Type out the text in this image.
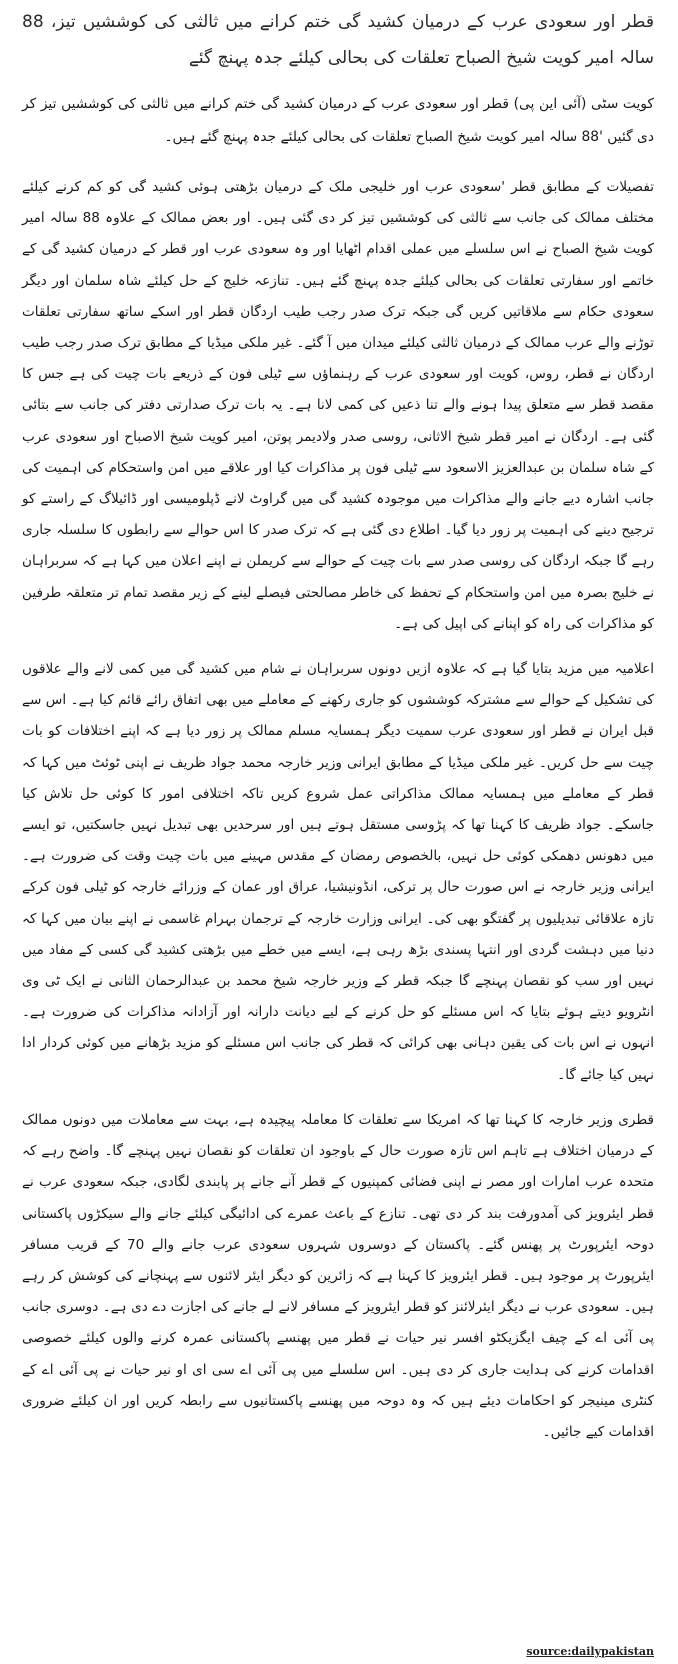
قطر اور سعودی عرب کے درمیان کشید گی ختم کرانے میں ثالثی کی کوششیں تیز، 88 سالہ امیر کویت شیخ الصباح تعلقات کی بحالی کیلئے جدہ پہنچ گئے

کویت سٹی (آئی این پی) قطر اور سعودی عرب کے درمیان کشید گی ختم کرانے میں ثالثی کی کوششیں تیز کر دی گئیں '88 سالہ امیر کویت شیخ الصباح تعلقات کی بحالی کیلئے جدہ پہنچ گئے ہیں۔

تفصیلات کے مطابق قطر 'سعودی عرب اور خلیجی ملک کے درمیان بڑھتی ہوئی کشید گی کو کم کرنے کیلئے مختلف ممالک کی جانب سے ثالثی کی کوششیں تیز کر دی گئی ہیں۔ اور بعض ممالک کے علاوہ 88 سالہ امیر کویت شیخ الصباح نے اس سلسلے میں عملی اقدام اٹھایا اور وہ سعودی عرب اور قطر کے درمیان کشید گی کے خاتمے اور سفارتی تعلقات کی بحالی کیلئے جدہ پہنچ گئے ہیں۔ تنازعہ خلیج کے حل کیلئے شاہ سلمان اور دیگر سعودی حکام سے ملاقاتیں کریں گی جبکہ ترک صدر رجب طیب اردگان قطر اور اسکے ساتھ سفارتی تعلقات توڑنے والے عرب ممالک کے درمیان ثالثی کیلئے میدان میں آ گئے۔ غیر ملکی میڈیا کے مطابق ترک صدر رجب طیب اردگان نے قطر، روس، کویت اور سعودی عرب کے رہنماؤں سے ٹیلی فون کے ذریعے بات چیت کی ہے جس کا مقصد قطر سے متعلق پیدا ہونے والے تنا ذعیں کی کمی لانا ہے۔ یہ بات ترک صدارتی دفتر کی جانب سے بتائی گئی ہے۔ اردگان نے امیر قطر شیخ الاثانی، روسی صدر ولادیمر پوتن، امیر کویت شیخ الاصباح اور سعودی عرب کے شاہ سلمان بن عبدالعزیز الاسعود سے ٹیلی فون پر مذاکرات کیا اور علاقے میں امن واستحکام کی اہمیت کی جانب اشارہ دیے جانے والے مذاکرات میں موجودہ کشید گی میں گراوٹ لانے ڈپلومیسی اور ڈائیلاگ کے راستے کو ترجیح دینے کی اہمیت پر زور دیا گیا۔ اطلاع دی گئی ہے کہ ترک صدر کا اس حوالے سے رابطوں کا سلسلہ جاری رہے گا جبکہ اردگان کی روسی صدر سے بات چیت کے حوالے سے کریملن نے اپنے اعلان میں کہا ہے کہ سربراہان نے خلیج بصرہ میں امن واستحکام کے تحفظ کی خاطر مصالحتی فیصلے لینے کے زیر مقصد تمام تر متعلقہ طرفین کو مذاکرات کی راہ کو اپنانے کی اپیل کی ہے۔

اعلامیہ میں مزید بتایا گیا ہے کہ علاوہ ازیں دونوں سربراہان نے شام میں کشید گی میں کمی لانے والے علاقوں کی تشکیل کے حوالے سے مشترکہ کوششوں کو جاری رکھنے کے معاملے میں بھی اتفاق رائے قائم کیا ہے۔ اس سے قبل ایران نے قطر اور سعودی عرب سمیت دیگر ہمسایہ مسلم ممالک پر زور دیا ہے کہ اپنے اختلافات کو بات چیت سے حل کریں۔ غیر ملکی میڈیا کے مطابق ایرانی وزیر خارجہ محمد جواد ظریف نے اپنی ٹوئٹ میں کہا کہ قطر کے معاملے میں ہمسایہ ممالک مذاکراتی عمل شروع کریں تاکہ اختلافی امور کا کوئی حل تلاش کیا جاسکے۔ جواد ظریف کا کہنا تھا کہ پڑوسی مستقل ہوتے ہیں اور سرحدیں بھی تبدیل نہیں جاسکتیں، تو ایسے میں دھونس دھمکی کوئی حل نہیں، بالخصوص رمضان کے مقدس مہینے میں بات چیت وقت کی ضرورت ہے۔ ایرانی وزیر خارجہ نے اس صورت حال پر ترکی، انڈونیشیا، عراق اور عمان کے وزرائے خارجہ کو ٹیلی فون کرکے تازہ علاقائی تبدیلیوں پر گفتگو بھی کی۔ ایرانی وزارت خارجہ کے ترجمان بہرام غاسمی نے اپنے بیان میں کہا کہ دنیا میں دہشت گردی اور انتہا پسندی بڑھ رہی ہے، ایسے میں خطے میں بڑھتی کشید گی کسی کے مفاد میں نہیں اور سب کو نقصان پہنچے گا جبکہ قطر کے وزیر خارجہ شیخ محمد بن عبدالرحمان الثانی نے ایک ٹی وی انٹرویو دیتے ہوئے بتایا کہ اس مسئلے کو حل کرنے کے لیے دیانت دارانہ اور آزادانہ مذاکرات کی ضرورت ہے۔ انہوں نے اس بات کی یقین دہانی بھی کرائی کہ قطر کی جانب اس مسئلے کو مزید بڑھانے میں کوئی کردار ادا نہیں کیا جائے گا۔

قطری وزیر خارجہ کا کہنا تھا کہ امریکا سے تعلقات کا معاملہ پیچیدہ ہے، بہت سے معاملات میں دونوں ممالک کے درمیان اختلاف ہے تاہم اس تازہ صورت حال کے باوجود ان تعلقات کو نقصان نہیں پہنچے گا۔ واضح رہے کہ متحدہ عرب امارات اور مصر نے اپنی فضائی کمپنیوں کے قطر آنے جانے پر پابندی لگادی، جبکہ سعودی عرب نے قطر ایئرویز کی آمدورفت بند کر دی تھی۔ تنازع کے باعث عمرے کی ادائیگی کیلئے جانے والے سیکڑوں پاکستانی دوحہ ایئرپورٹ پر پھنس گئے۔ پاکستان کے دوسروں شہروں سعودی عرب جانے والے 70 کے قریب مسافر ایئرپورٹ پر موجود ہیں۔ قطر ایئرویز کا کہنا ہے کہ زائرین کو دیگر ایئر لائنوں سے پہنچانے کی کوشش کر رہے ہیں۔ سعودی عرب نے دیگر ایئرلائنز کو قطر ایئرویز کے مسافر لانے لے جانے کی اجازت دے دی ہے۔ دوسری جانب پی آئی اے کے چیف ایگزیکٹو افسر نیر حیات نے قطر میں پھنسے پاکستانی عمرہ کرنے والوں کیلئے خصوصی اقدامات کرنے کی ہدایت جاری کر دی ہیں۔ اس سلسلے میں پی آئی اے سی ای او نیر حیات نے پی آئی اے کے کنٹری مینیجر کو احکامات دیئے ہیں کہ وہ دوحہ میں پھنسے پاکستانیوں سے رابطہ کریں اور ان کیلئے ضروری اقدامات کیے جائیں۔

source:dailypakistan
